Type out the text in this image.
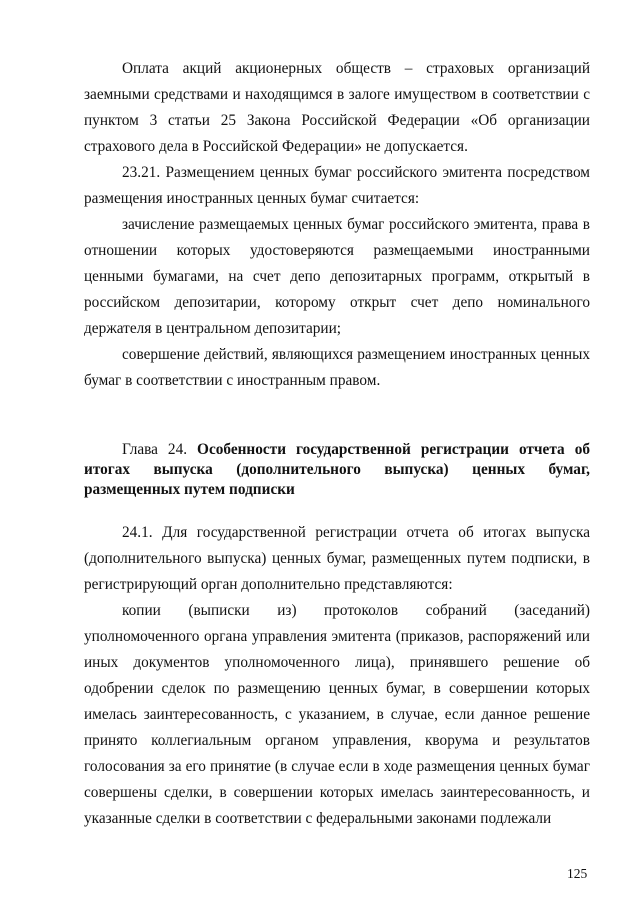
Оплата акций акционерных обществ – страховых организаций заемными средствами и находящимся в залоге имуществом в соответствии с пунктом 3 статьи 25 Закона Российской Федерации «Об организации страхового дела в Российской Федерации» не допускается.

23.21. Размещением ценных бумаг российского эмитента посредством размещения иностранных ценных бумаг считается:

зачисление размещаемых ценных бумаг российского эмитента, права в отношении которых удостоверяются размещаемыми иностранными ценными бумагами, на счет депо депозитарных программ, открытый в российском депозитарии, которому открыт счет депо номинального держателя в центральном депозитарии;

совершение действий, являющихся размещением иностранных ценных бумаг в соответствии с иностранным правом.

Глава 24. Особенности государственной регистрации отчета об итогах выпуска (дополнительного выпуска) ценных бумаг, размещенных путем подписки

24.1. Для государственной регистрации отчета об итогах выпуска (дополнительного выпуска) ценных бумаг, размещенных путем подписки, в регистрирующий орган дополнительно представляются:

копии (выписки из) протоколов собраний (заседаний) уполномоченного органа управления эмитента (приказов, распоряжений или иных документов уполномоченного лица), принявшего решение об одобрении сделок по размещению ценных бумаг, в совершении которых имелась заинтересованность, с указанием, в случае, если данное решение принято коллегиальным органом управления, кворума и результатов голосования за его принятие (в случае если в ходе размещения ценных бумаг совершены сделки, в совершении которых имелась заинтересованность, и указанные сделки в соответствии с федеральными законами подлежали

125
